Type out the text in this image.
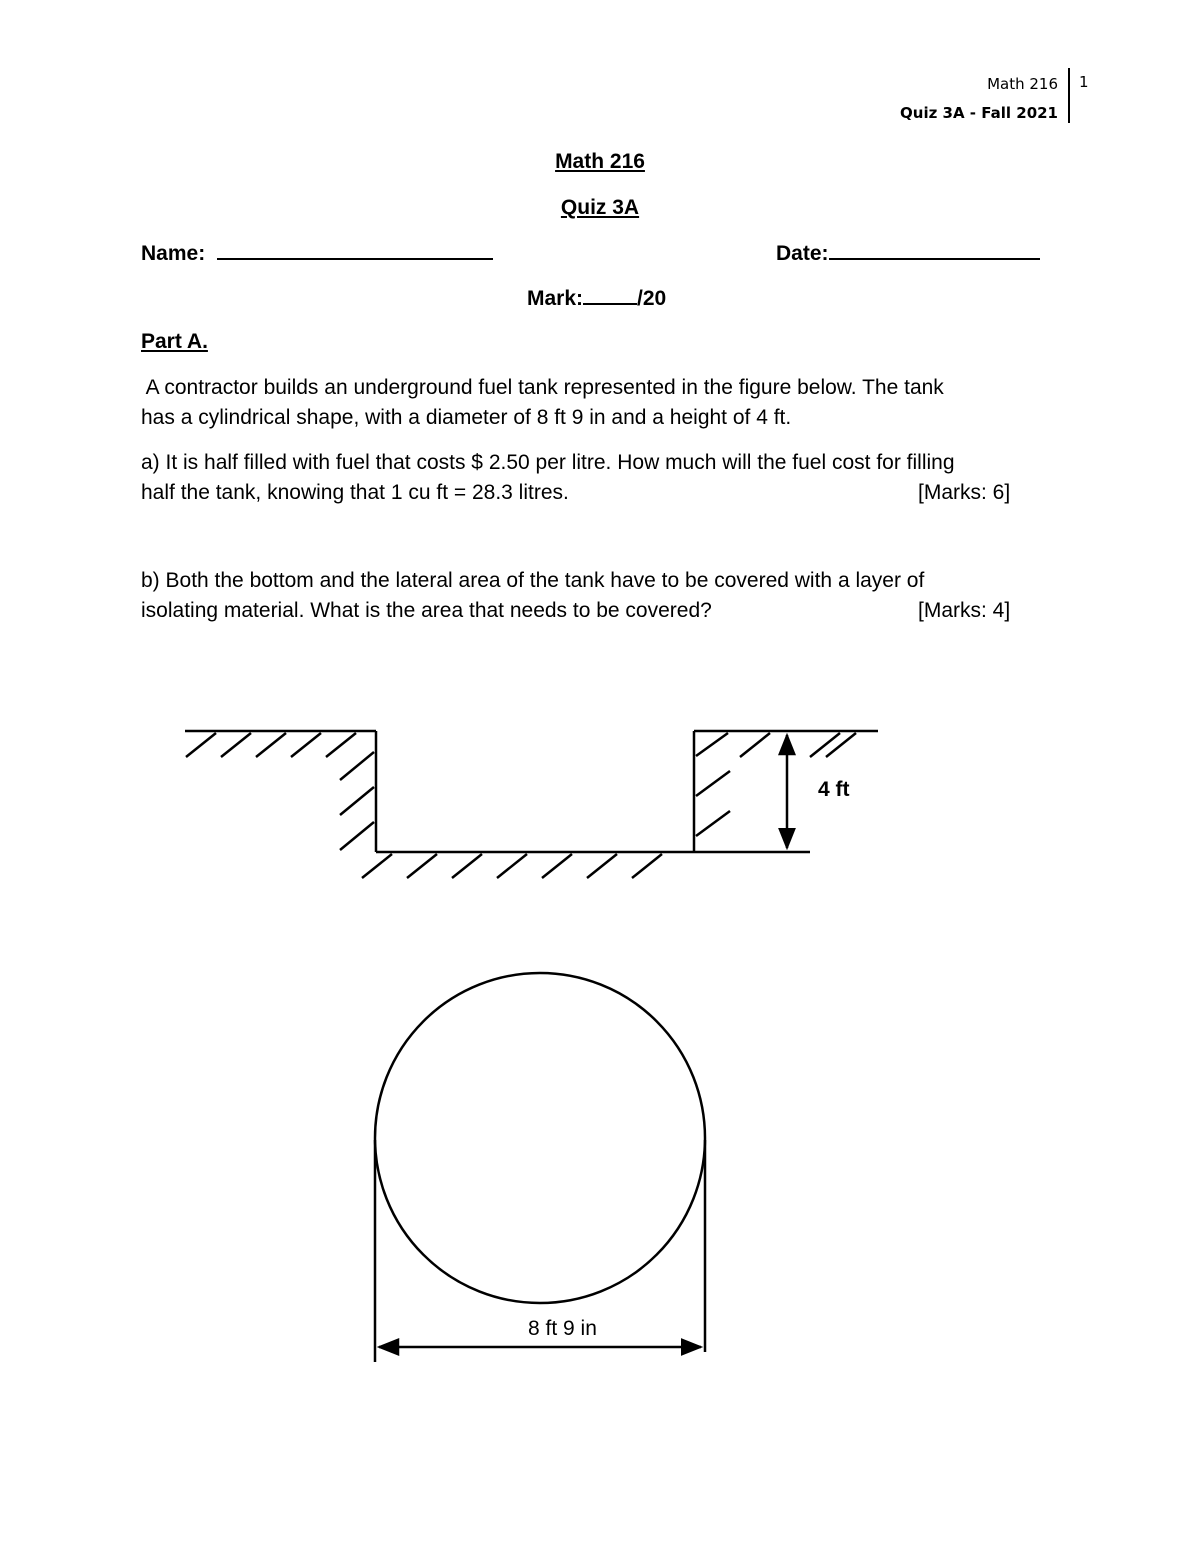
Math 216
Quiz 3A - Fall 2021
1
Math 216
Quiz 3A
Name:	Date:
Mark:	/20
Part A.
A contractor builds an underground fuel tank represented in the figure below. The tank
has a cylindrical shape, with a diameter of 8 ft 9 in and a height of 4 ft.
a) It is half filled with fuel that costs $ 2.50 per litre. How much will the fuel cost for filling
half the tank, knowing that 1 cu ft = 28.3 litres.	[Marks: 6]
b) Both the bottom and the lateral area of the tank have to be covered with a layer of
isolating material. What is the area that needs to be covered?	[Marks: 4]
4 ft
8 ft 9 in
